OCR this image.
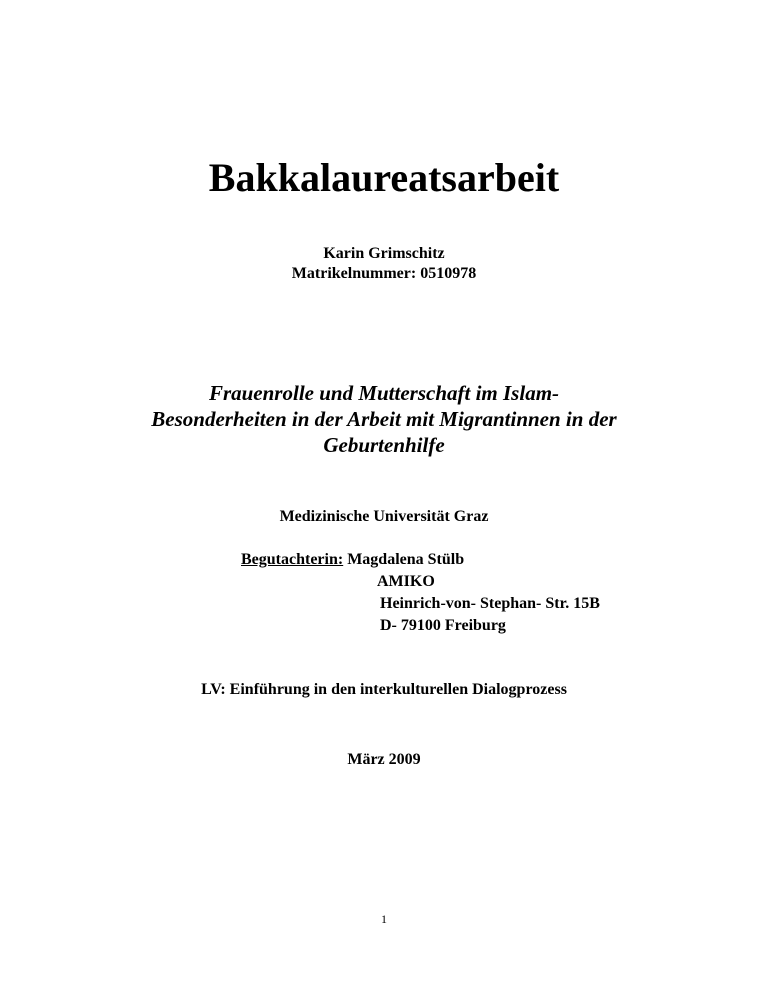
Bakkalaureatsarbeit
Karin Grimschitz
Matrikelnummer: 0510978
Frauenrolle und Mutterschaft im Islam-
Besonderheiten in der Arbeit mit Migrantinnen in der
Geburtenhilfe
Medizinische Universität Graz
Begutachterin: Magdalena Stülb
AMIKO
Heinrich-von- Stephan- Str. 15B
D- 79100 Freiburg
LV: Einführung in den interkulturellen Dialogprozess
März 2009
1
